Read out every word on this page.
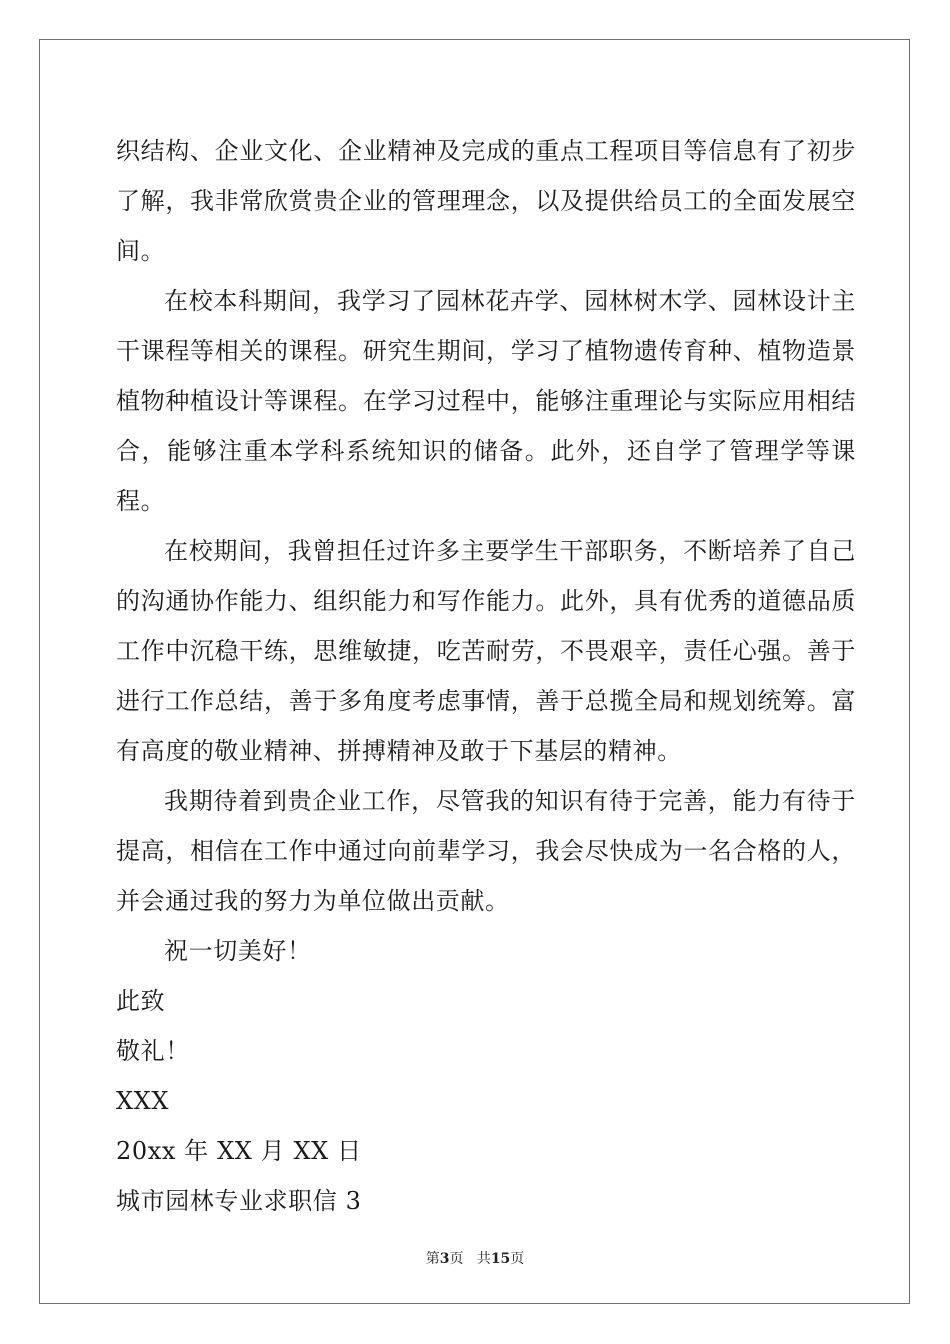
织结构、企业文化、企业精神及完成的重点工程项目等信息有了初步了解，我非常欣赏贵企业的管理理念，以及提供给员工的全面发展空间。

在校本科期间，我学习了园林花卉学、园林树木学、园林设计主干课程等相关的课程。研究生期间，学习了植物遗传育种、植物造景植物种植设计等课程。在学习过程中，能够注重理论与实际应用相结合，能够注重本学科系统知识的储备。此外，还自学了管理学等课程。

在校期间，我曾担任过许多主要学生干部职务，不断培养了自己的沟通协作能力、组织能力和写作能力。此外，具有优秀的道德品质工作中沉稳干练，思维敏捷，吃苦耐劳，不畏艰辛，责任心强。善于进行工作总结，善于多角度考虑事情，善于总揽全局和规划统筹。富有高度的敬业精神、拼搏精神及敢于下基层的精神。

我期待着到贵企业工作，尽管我的知识有待于完善，能力有待于提高，相信在工作中通过向前辈学习，我会尽快成为一名合格的人，并会通过我的努力为单位做出贡献。

祝一切美好！

此致

敬礼！

XXX

20xx 年 XX 月 XX 日

城市园林专业求职信 3

第3页 共15页
